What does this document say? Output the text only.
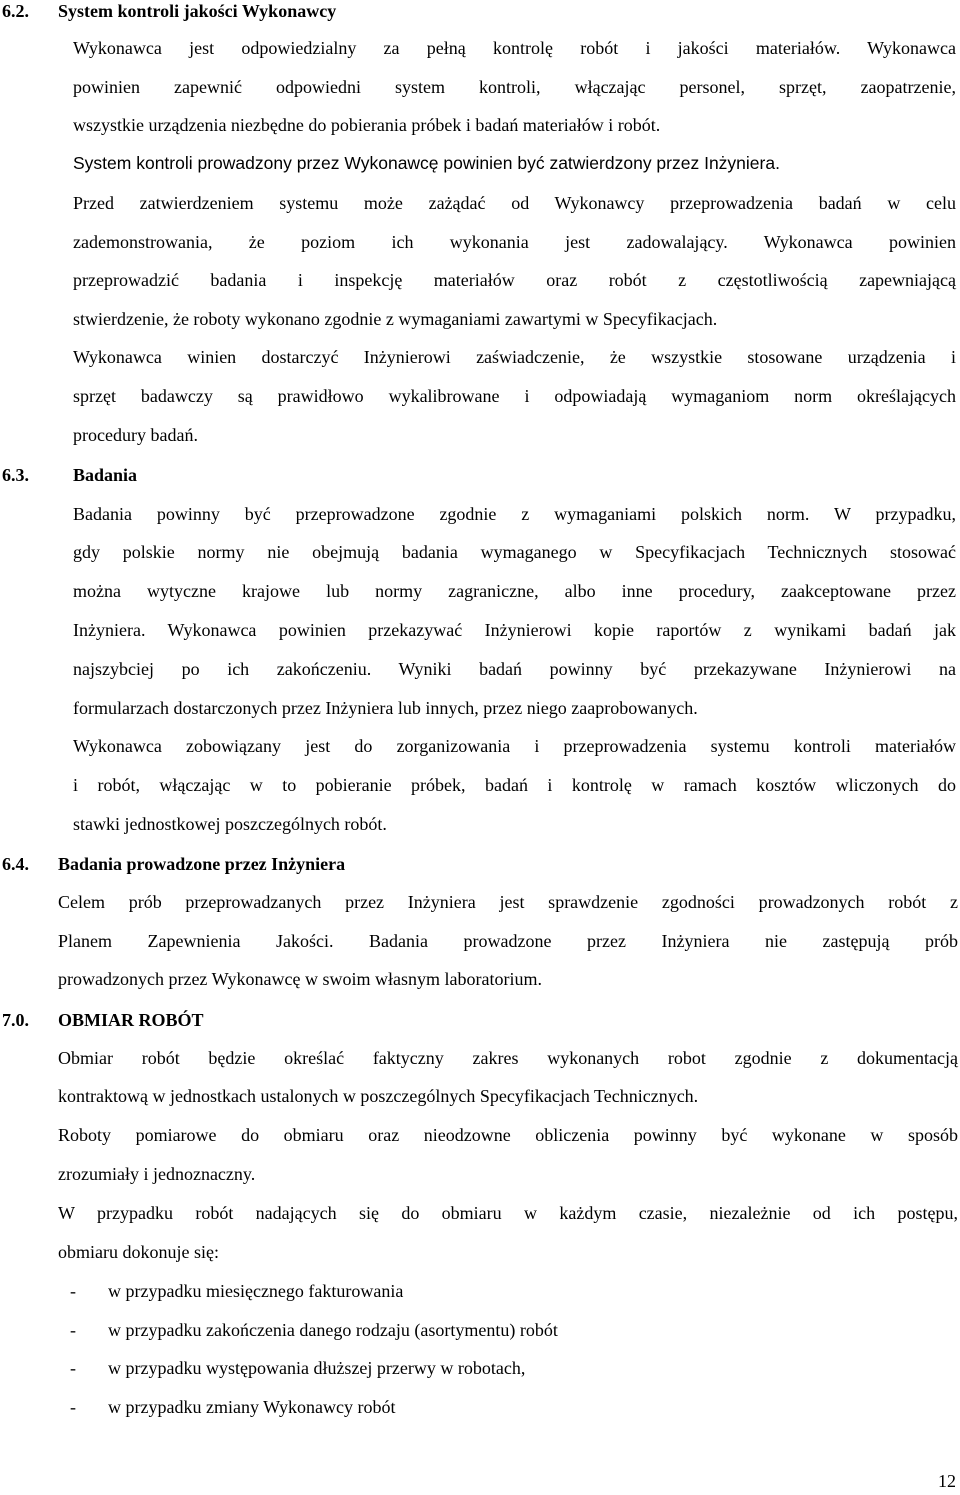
6.2. System kontroli jakości Wykonawcy
Wykonawca jest odpowiedzialny za pełną kontrolę robót i jakości materiałów. Wykonawca
powinien zapewnić odpowiedni system kontroli, włączając personel, sprzęt, zaopatrzenie,
wszystkie urządzenia niezbędne do pobierania próbek i badań materiałów i robót.
System kontroli prowadzony przez Wykonawcę powinien być zatwierdzony przez Inżyniera.
Przed zatwierdzeniem systemu może zażądać od Wykonawcy przeprowadzenia badań w celu
zademonstrowania, że poziom ich wykonania jest zadowalający. Wykonawca powinien
przeprowadzić badania i inspekcję materiałów oraz robót z częstotliwością zapewniającą
stwierdzenie, że roboty wykonano zgodnie z wymaganiami zawartymi w Specyfikacjach.
Wykonawca winien dostarczyć Inżynierowi zaświadczenie, że wszystkie stosowane urządzenia i
sprzęt badawczy są prawidłowo wykalibrowane i odpowiadają wymaganiom norm określających
procedury badań.
6.3. Badania
Badania powinny być przeprowadzone zgodnie z wymaganiami polskich norm. W przypadku,
gdy polskie normy nie obejmują badania wymaganego w Specyfikacjach Technicznych stosować
można wytyczne krajowe lub normy zagraniczne, albo inne procedury, zaakceptowane przez
Inżyniera. Wykonawca powinien przekazywać Inżynierowi kopie raportów z wynikami badań jak
najszybciej po ich zakończeniu. Wyniki badań powinny być przekazywane Inżynierowi na
formularzach dostarczonych przez Inżyniera lub innych, przez niego zaaprobowanych.
Wykonawca zobowiązany jest do zorganizowania i przeprowadzenia systemu kontroli materiałów
i robót, włączając w to pobieranie próbek, badań i kontrolę w ramach kosztów wliczonych do
stawki jednostkowej poszczególnych robót.
6.4. Badania prowadzone przez Inżyniera
Celem prób przeprowadzanych przez Inżyniera jest sprawdzenie zgodności prowadzonych robót z
Planem Zapewnienia Jakości. Badania prowadzone przez Inżyniera nie zastępują prób
prowadzonych przez Wykonawcę w swoim własnym laboratorium.
7.0. OBMIAR ROBÓT
Obmiar robót będzie określać faktyczny zakres wykonanych robot zgodnie z dokumentacją
kontraktową w jednostkach ustalonych w poszczególnych Specyfikacjach Technicznych.
Roboty pomiarowe do obmiaru oraz nieodzowne obliczenia powinny być wykonane w sposób
zrozumiały i jednoznaczny.
W przypadku robót nadających się do obmiaru w każdym czasie, niezależnie od ich postępu,
obmiaru dokonuje się:
- w przypadku miesięcznego fakturowania
- w przypadku zakończenia danego rodzaju (asortymentu) robót
- w przypadku występowania dłuższej przerwy w robotach,
- w przypadku zmiany Wykonawcy robót
12
